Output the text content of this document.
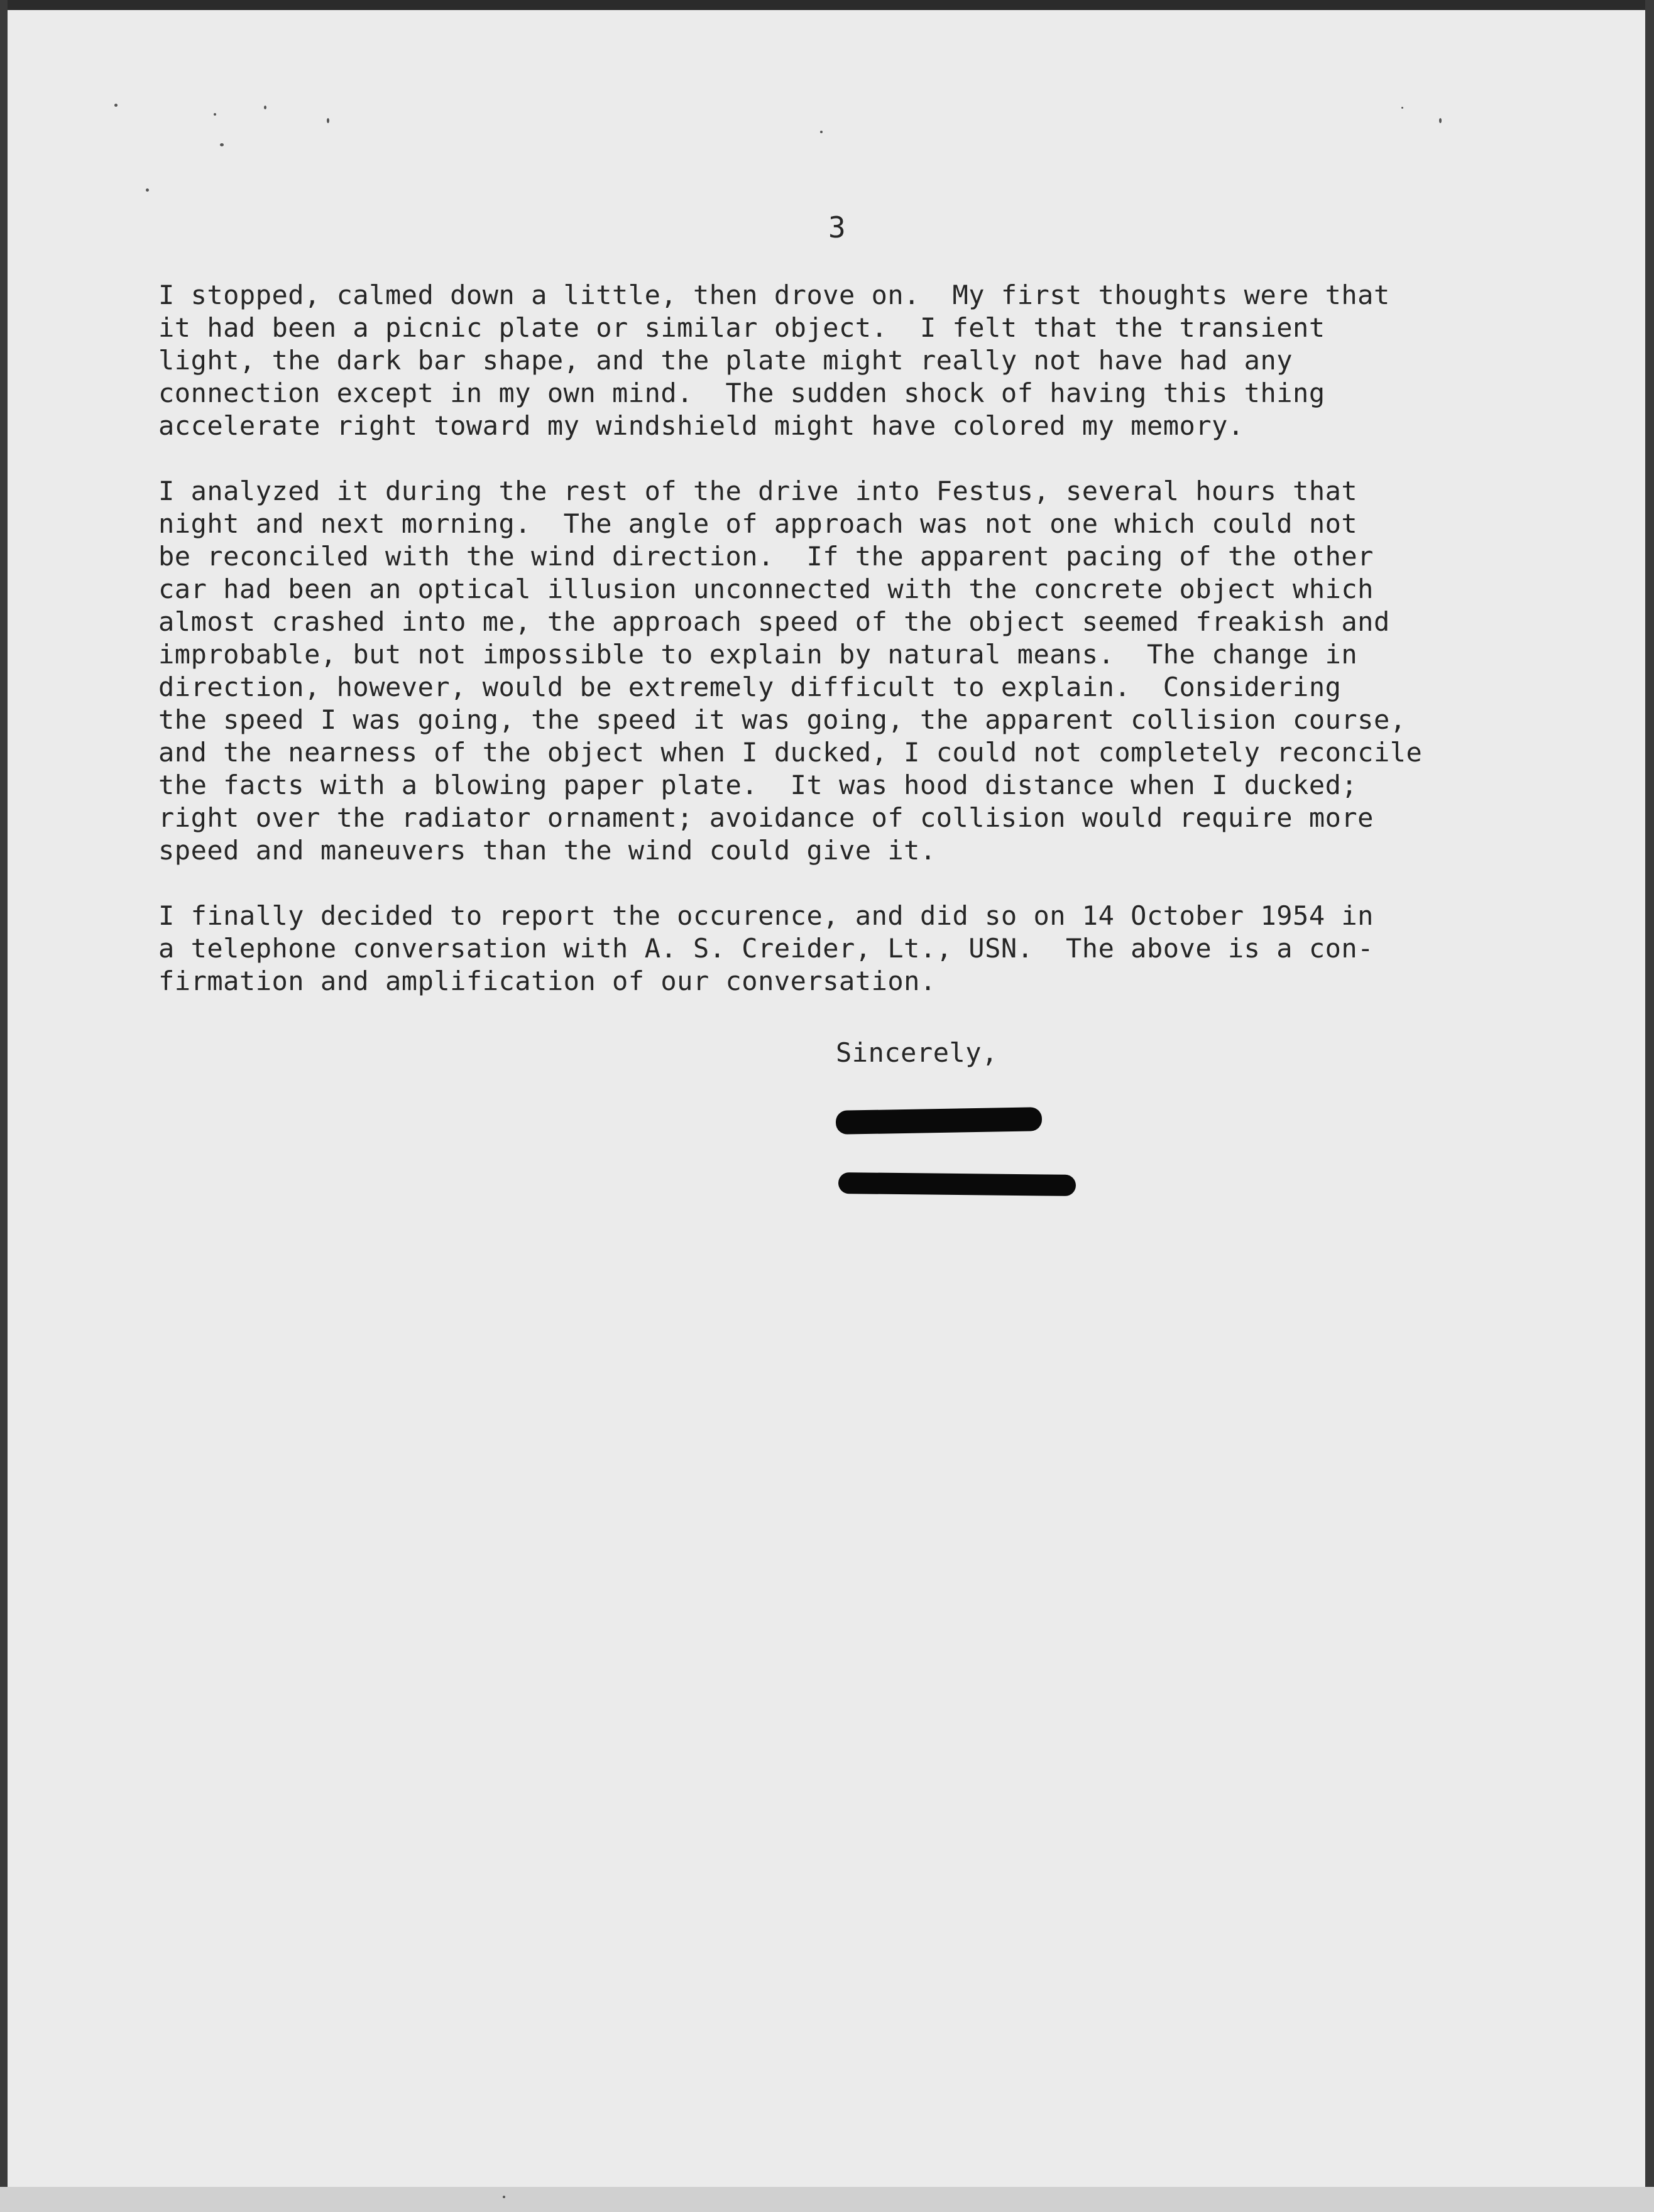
3
I stopped, calmed down a little, then drove on.  My first thoughts were that
it had been a picnic plate or similar object.  I felt that the transient
light, the dark bar shape, and the plate might really not have had any
connection except in my own mind.  The sudden shock of having this thing
accelerate right toward my windshield might have colored my memory.
I analyzed it during the rest of the drive into Festus, several hours that
night and next morning.  The angle of approach was not one which could not
be reconciled with the wind direction.  If the apparent pacing of the other
car had been an optical illusion unconnected with the concrete object which
almost crashed into me, the approach speed of the object seemed freakish and
improbable, but not impossible to explain by natural means.  The change in
direction, however, would be extremely difficult to explain.  Considering
the speed I was going, the speed it was going, the apparent collision course,
and the nearness of the object when I ducked, I could not completely reconcile
the facts with a blowing paper plate.  It was hood distance when I ducked;
right over the radiator ornament; avoidance of collision would require more
speed and maneuvers than the wind could give it.
I finally decided to report the occurence, and did so on 14 October 1954 in
a telephone conversation with A. S. Creider, Lt., USN.  The above is a con-
firmation and amplification of our conversation.
Sincerely,
